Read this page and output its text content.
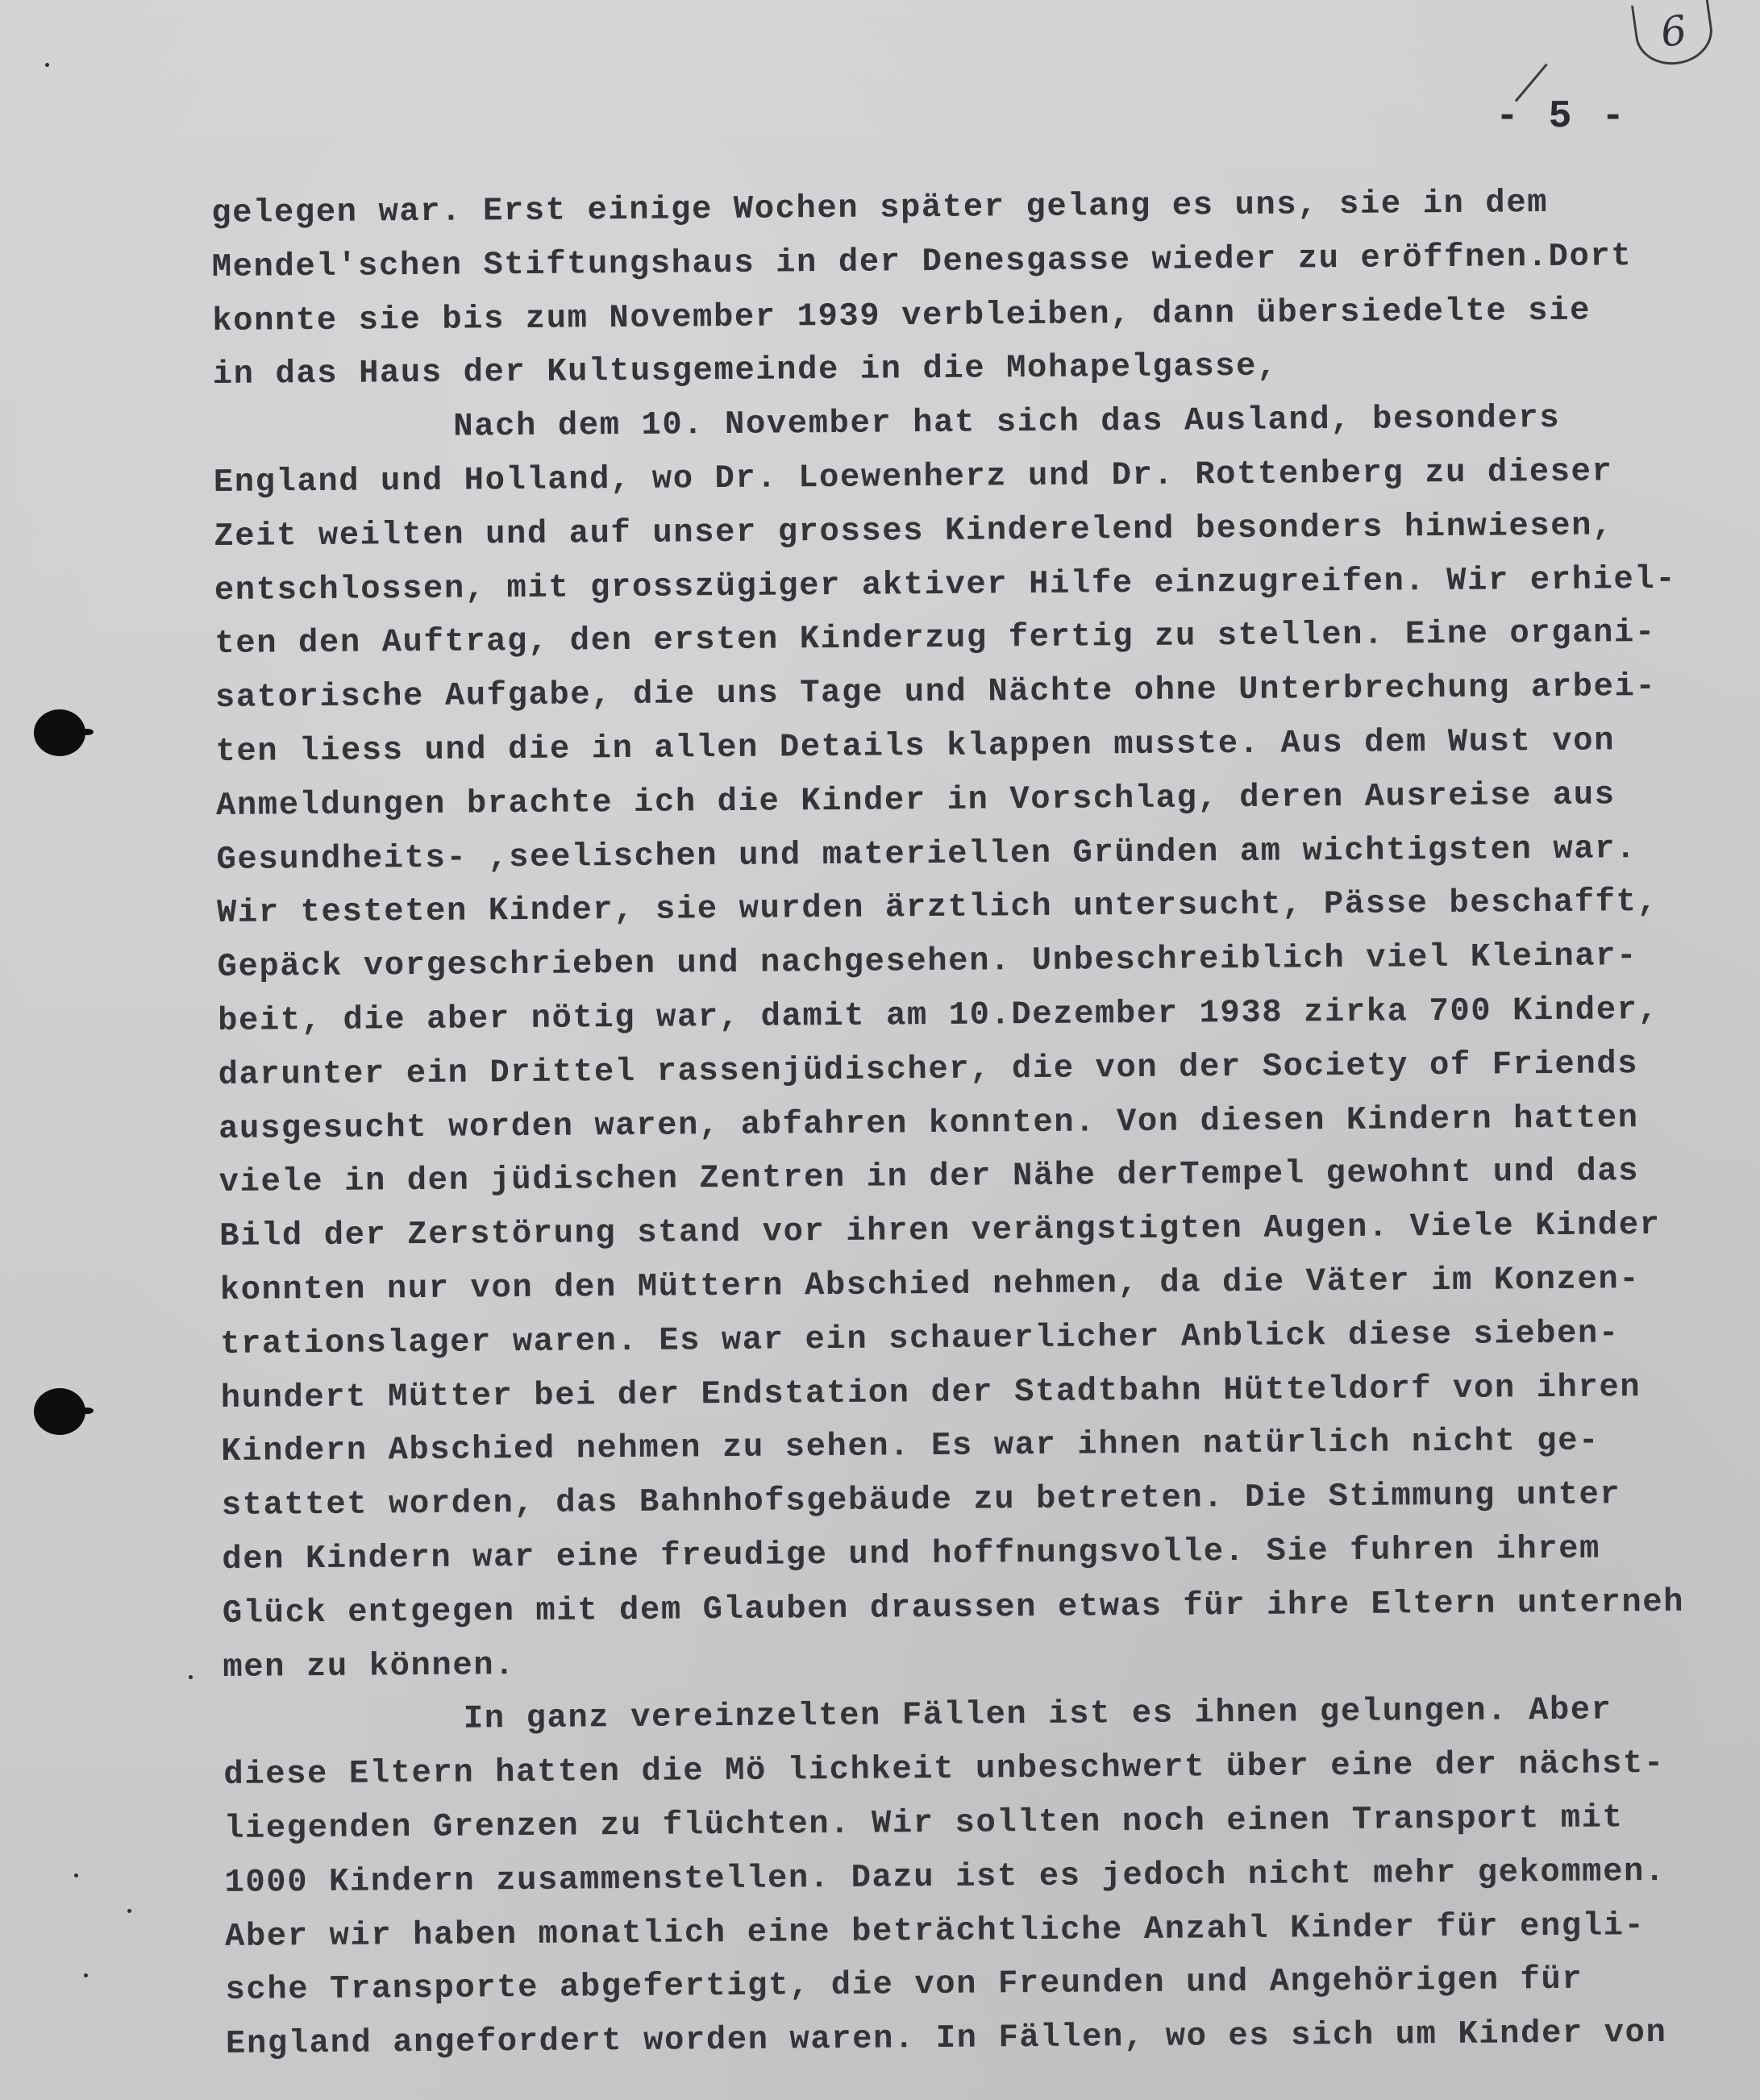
6
- 5 -
gelegen war. Erst einige Wochen später gelang es uns, sie in dem
Mendel'schen Stiftungshaus in der Denesgasse wieder zu eröffnen.Dort
konnte sie bis zum November 1939 verbleiben, dann übersiedelte sie
in das Haus der Kultusgemeinde in die Mohapelgasse,
Nach dem 10. November hat sich das Ausland, besonders
England und Holland, wo Dr. Loewenherz und Dr. Rottenberg zu dieser
Zeit weilten und auf unser grosses Kinderelend besonders hinwiesen,
entschlossen, mit grosszügiger aktiver Hilfe einzugreifen. Wir erhiel-
ten den Auftrag, den ersten Kinderzug fertig zu stellen. Eine organi-
satorische Aufgabe, die uns Tage und Nächte ohne Unterbrechung arbei-
ten liess und die in allen Details klappen musste. Aus dem Wust von
Anmeldungen brachte ich die Kinder in Vorschlag, deren Ausreise aus
Gesundheits- ,seelischen und materiellen Gründen am wichtigsten war.
Wir testeten Kinder, sie wurden ärztlich untersucht, Pässe beschafft,
Gepäck vorgeschrieben und nachgesehen. Unbeschreiblich viel Kleinar-
beit, die aber nötig war, damit am 10.Dezember 1938 zirka 700 Kinder,
darunter ein Drittel rassenjüdischer, die von der Society of Friends
ausgesucht worden waren, abfahren konnten. Von diesen Kindern hatten
viele in den jüdischen Zentren in der Nähe derTempel gewohnt und das
Bild der Zerstörung stand vor ihren verängstigten Augen. Viele Kinder
konnten nur von den Müttern Abschied nehmen, da die Väter im Konzen-
trationslager waren. Es war ein schauerlicher Anblick diese sieben-
hundert Mütter bei der Endstation der Stadtbahn Hütteldorf von ihren
Kindern Abschied nehmen zu sehen. Es war ihnen natürlich nicht ge-
stattet worden, das Bahnhofsgebäude zu betreten. Die Stimmung unter
den Kindern war eine freudige und hoffnungsvolle. Sie fuhren ihrem
Glück entgegen mit dem Glauben draussen etwas für ihre Eltern unterneh
men zu können.
In ganz vereinzelten Fällen ist es ihnen gelungen. Aber
diese Eltern hatten die Mö lichkeit unbeschwert über eine der nächst-
liegenden Grenzen zu flüchten. Wir sollten noch einen Transport mit
1000 Kindern zusammenstellen. Dazu ist es jedoch nicht mehr gekommen.
Aber wir haben monatlich eine beträchtliche Anzahl Kinder für engli-
sche Transporte abgefertigt, die von Freunden und Angehörigen für
England angefordert worden waren. In Fällen, wo es sich um Kinder von
